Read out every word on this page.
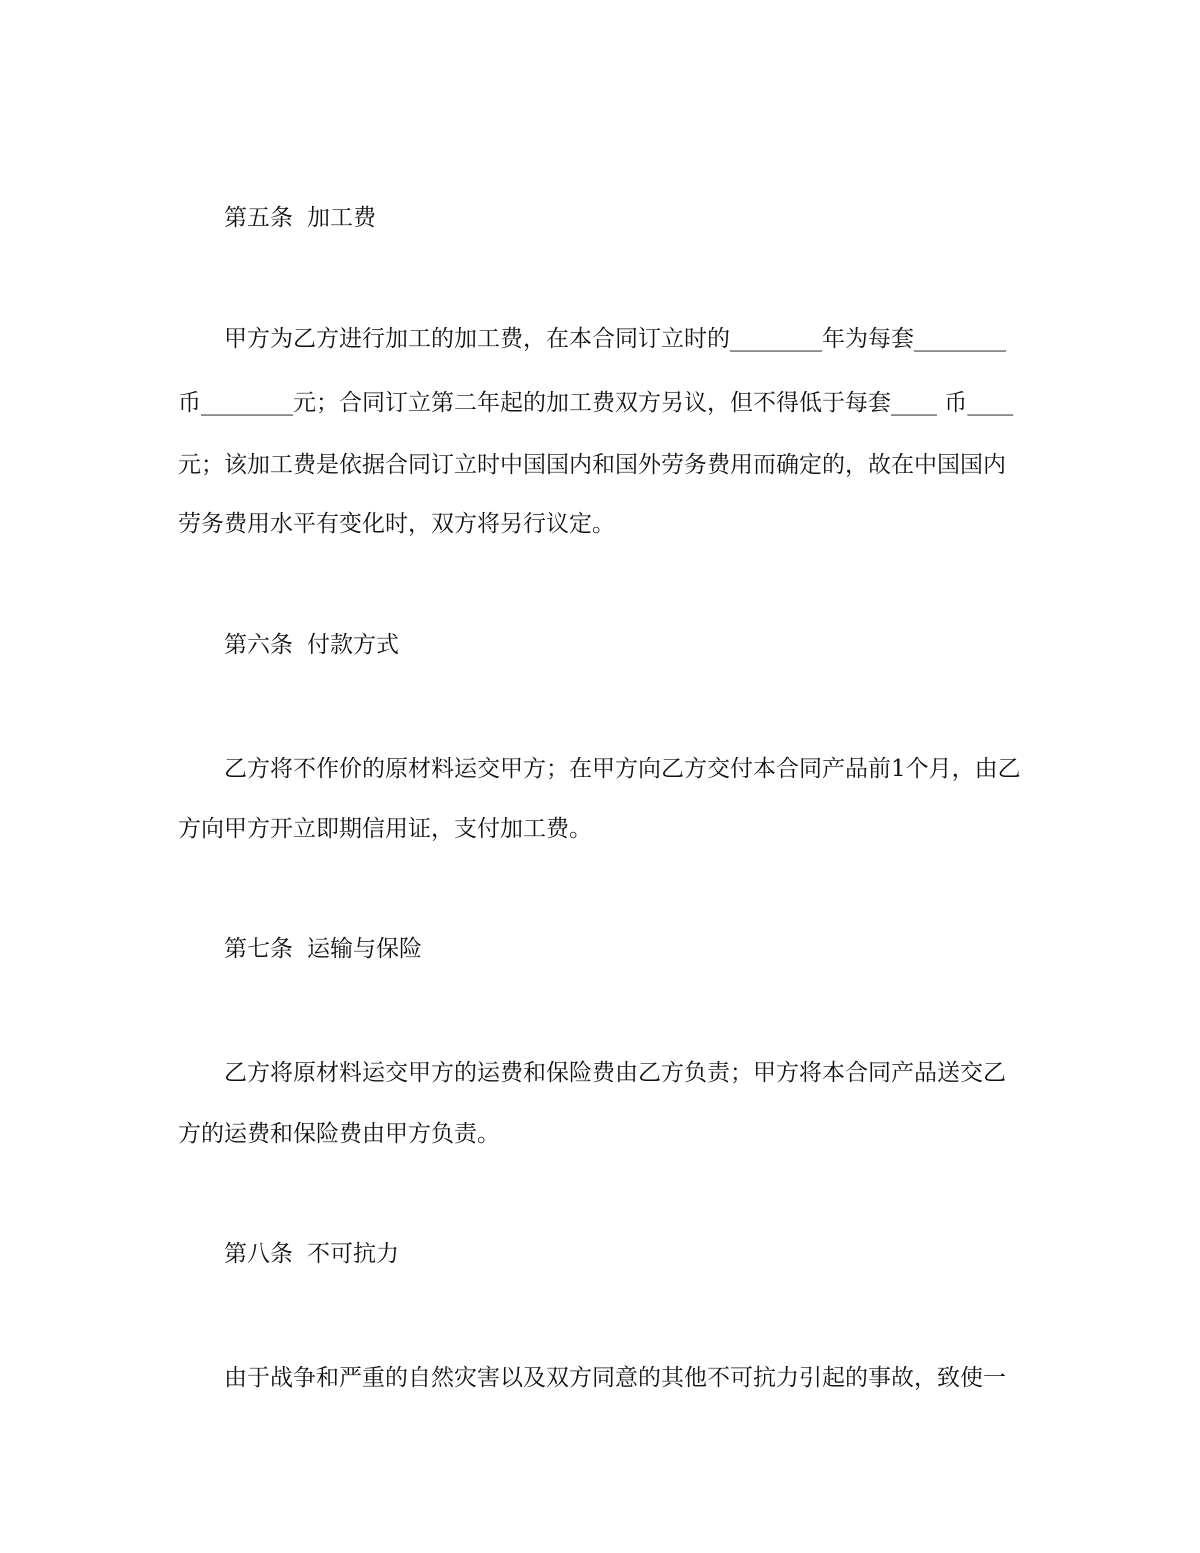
第五条 加工费
甲方为乙方进行加工的加工费，在本合同订立时的________年为每套________
币________元；合同订立第二年起的加工费双方另议，但不得低于每套____ 币____
元；该加工费是依据合同订立时中国国内和国外劳务费用而确定的，故在中国国内
劳务费用水平有变化时，双方将另行议定。
第六条 付款方式
乙方将不作价的原材料运交甲方；在甲方向乙方交付本合同产品前1个月，由乙
方向甲方开立即期信用证，支付加工费。
第七条 运输与保险
乙方将原材料运交甲方的运费和保险费由乙方负责；甲方将本合同产品送交乙
方的运费和保险费由甲方负责。
第八条 不可抗力
由于战争和严重的自然灾害以及双方同意的其他不可抗力引起的事故，致使一
